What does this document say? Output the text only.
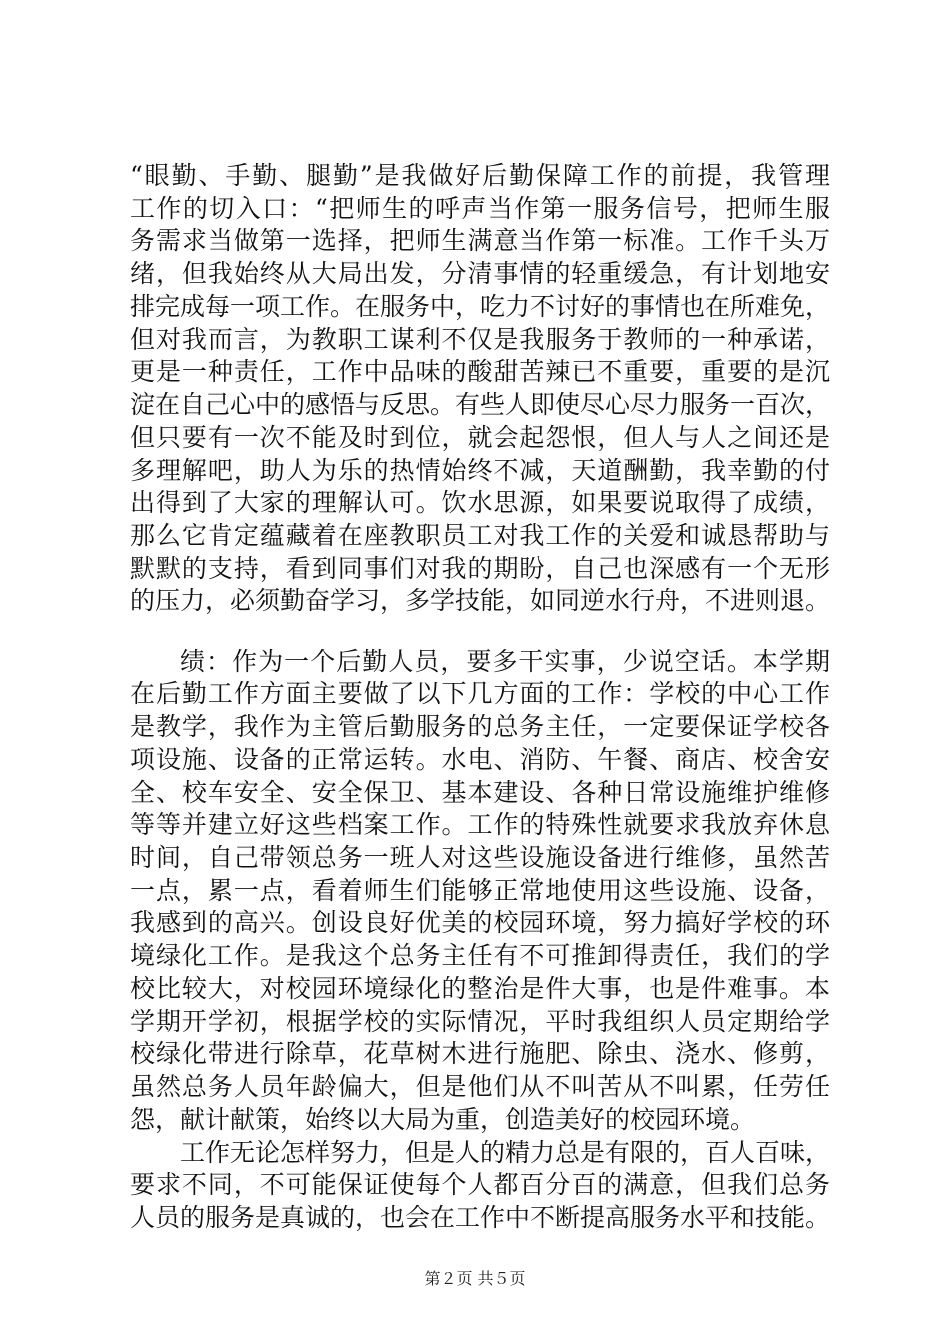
“眼勤、手勤、腿勤”是我做好后勤保障工作的前提，我管理
工作的切入口：“把师生的呼声当作第一服务信号，把师生服
务需求当做第一选择，把师生满意当作第一标准。工作千头万
绪，但我始终从大局出发，分清事情的轻重缓急，有计划地安
排完成每一项工作。在服务中，吃力不讨好的事情也在所难免，
但对我而言，为教职工谋利不仅是我服务于教师的一种承诺，
更是一种责任，工作中品味的酸甜苦辣已不重要，重要的是沉
淀在自己心中的感悟与反思。有些人即使尽心尽力服务一百次，
但只要有一次不能及时到位，就会起怨恨，但人与人之间还是
多理解吧，助人为乐的热情始终不减，天道酬勤，我幸勤的付
出得到了大家的理解认可。饮水思源，如果要说取得了成绩，
那么它肯定蕴藏着在座教职员工对我工作的关爱和诚恳帮助与
默默的支持，看到同事们对我的期盼，自己也深感有一个无形
的压力，必须勤奋学习，多学技能，如同逆水行舟，不进则退。
绩：作为一个后勤人员，要多干实事，少说空话。本学期
在后勤工作方面主要做了以下几方面的工作：学校的中心工作
是教学，我作为主管后勤服务的总务主任，一定要保证学校各
项设施、设备的正常运转。水电、消防、午餐、商店、校舍安
全、校车安全、安全保卫、基本建设、各种日常设施维护维修
等等并建立好这些档案工作。工作的特殊性就要求我放弃休息
时间，自己带领总务一班人对这些设施设备进行维修，虽然苦
一点，累一点，看着师生们能够正常地使用这些设施、设备，
我感到的高兴。创设良好优美的校园环境，努力搞好学校的环
境绿化工作。是我这个总务主任有不可推卸得责任，我们的学
校比较大，对校园环境绿化的整治是件大事，也是件难事。本
学期开学初，根据学校的实际情况，平时我组织人员定期给学
校绿化带进行除草，花草树木进行施肥、除虫、浇水、修剪，
虽然总务人员年龄偏大，但是他们从不叫苦从不叫累，任劳任
怨，献计献策，始终以大局为重，创造美好的校园环境。
工作无论怎样努力，但是人的精力总是有限的，百人百味，
要求不同，不可能保证使每个人都百分百的满意，但我们总务
人员的服务是真诚的，也会在工作中不断提高服务水平和技能。
第２页 共５页
